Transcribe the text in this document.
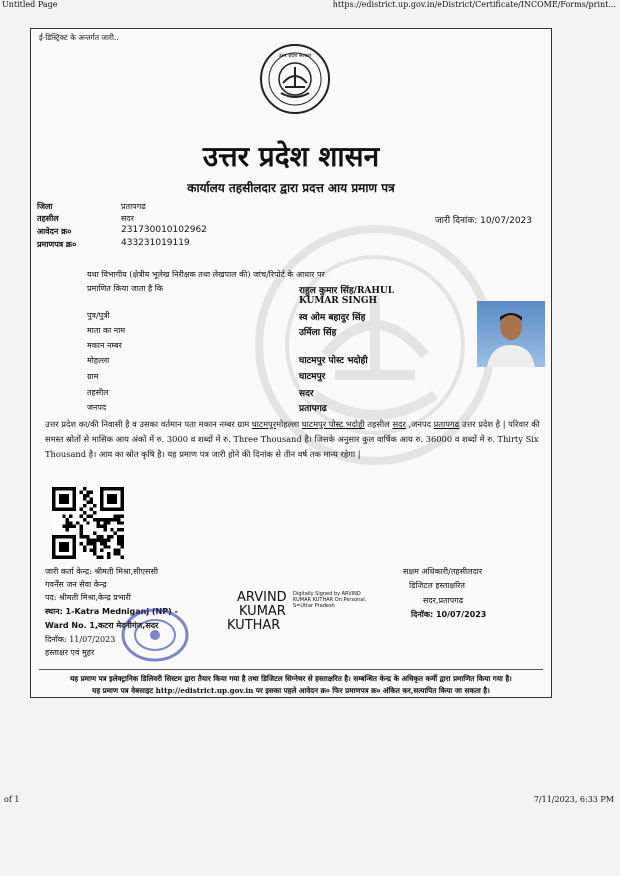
Untitled Page	https://edistrict.up.gov.in/eDistrict/Certificate/INCOME/Forms/print...
ई-डिस्ट्रिक्ट के अन्तर्गत जारी..
उत्तर प्रदेश सरकार
उत्तर प्रदेश शासन
कार्यालय तहसीलदार द्वारा प्रदत्त आय प्रमाण पत्र
जिला	प्रतापगढ
तहसील	सदर
आवेदन क्र०	231730010102962
प्रमाणपत्र क्र०	433231019119
जारी दिनांक: 10/07/2023
यथा विभागीय (क्षेत्रीय भूलेख निरीक्षक तथा लेखपाल की) जांच/रिपोर्ट के आधार पर
प्रमाणित किया जाता है कि	राहुल कुमार सिंह/RAHUL
KUMAR SINGH
पुत्र/पुत्री	स्व ओम बहादुर सिंह
माता का नाम	उर्मिला सिंह
मकान नम्बर
मोहल्ला	घाटमपुर पोस्ट भदोही
ग्राम	घाटमपुर
तहसील	सदर
जनपद	प्रतापगढ
उत्तर प्रदेश का/की निवासी है व उसका वर्तमान पता मकान नम्बर ग्राम घाटमपुरमोहल्ला घाटमपुर पोस्ट भदोही तहसील सदर ,जनपद प्रतापगढ उत्तर प्रदेश है | परिवार की समस्त स्रोतों से मासिक आय अंकों में रु. 3000 व शब्दों में रु. Three Thousand है। जिसके अनुसार कुल वार्षिक आय रु. 36000 व शब्दों में रु. Thirty Six Thousand है। आय का स्रोत कृषि है। यह प्रमाण पत्र जारी होने की दिनांक से तीन वर्ष तक मान्य रहेगा |
जारी कर्ता केन्द्र: श्रीमती मिश्रा,सीएससी
गवर्नेंस जन सेवा केन्द्र
पद: श्रीमती मिश्रा,केन्द्र प्रभारी
स्थान: 1-Katra Medniganj (NP) -
Ward No. 1,कटरा मेदनीगंज,सदर
दिनॉक: 11/07/2023
हस्ताक्षर एवं मुहर
ARVIND
KUMAR
KUTHAR
Digitally Signed by ARVIND KUMAR KUTHAR On:Personal, S=Uttar Pradesh
सक्षम अधिकारी/तहसीलदार
डिजिटल हस्ताक्षरित
सदर,प्रतापगढ
दिनॉक: 10/07/2023
यह प्रमाण पत्र इलेक्ट्रानिक डिलिवरी सिस्टम द्वारा तैयार किया गया है तथा डिजिटल सिग्नेचर से हस्ताक्षरित है। सम्बन्धित केन्द्र के अधिकृत कर्मी द्वारा प्रमाणित किया गया है।
यह प्रमाण पत्र वेबसाइट http://edistrict.up.gov.in पर इसका पहले आवेदन क्र० फिर प्रमाणपत्र क्र० अंकित कर,सत्यापित किया जा सकता है।
of 1	7/11/2023, 6:33 PM
